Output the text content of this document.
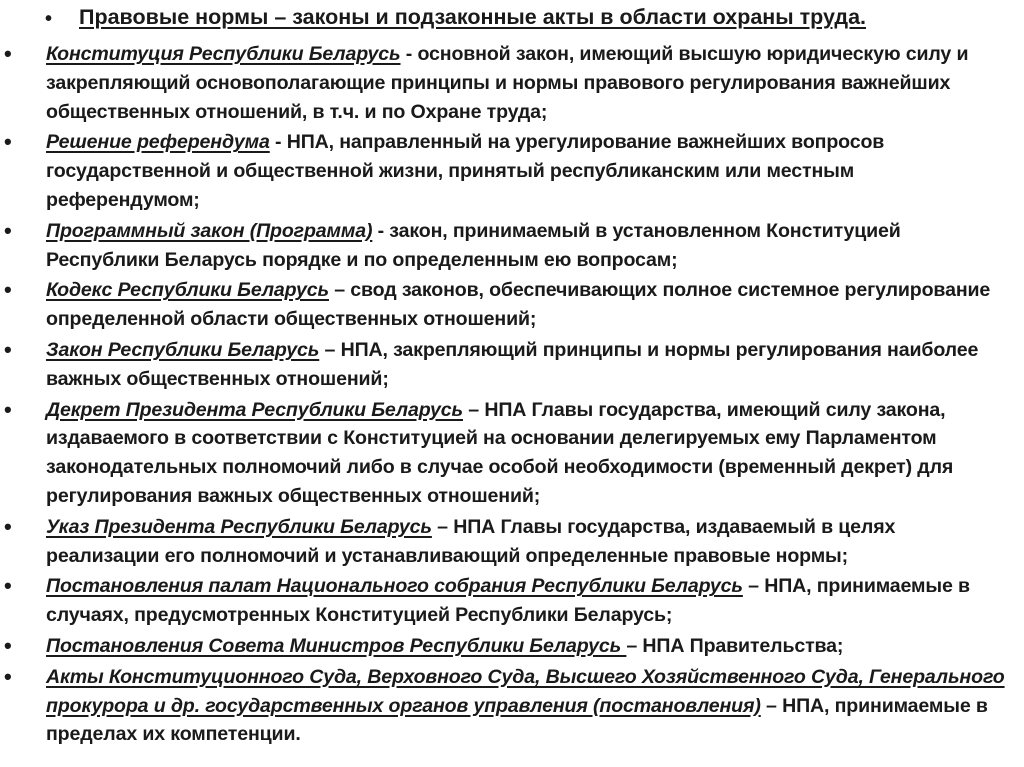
• Правовые нормы – законы и подзаконные акты в области охраны труда.
• Конституция Республики Беларусь - основной закон, имеющий высшую юридическую силу и закрепляющий основополагающие принципы и нормы правового регулирования важнейших общественных отношений, в т.ч. и по Охране труда;
• Решение референдума - НПА, направленный на урегулирование важнейших вопросов государственной и общественной жизни, принятый республиканским или местным референдумом;
• Программный закон (Программа) - закон, принимаемый в установленном Конституцией Республики Беларусь порядке и по определенным ею вопросам;
• Кодекс Республики Беларусь – свод законов, обеспечивающих полное системное регулирование определенной области общественных отношений;
• Закон Республики Беларусь – НПА, закрепляющий принципы и нормы регулирования наиболее важных общественных отношений;
• Декрет Президента Республики Беларусь – НПА Главы государства, имеющий силу закона, издаваемого в соответствии с Конституцией на основании делегируемых ему Парламентом законодательных полномочий либо в случае особой необходимости (временный декрет) для регулирования важных общественных отношений;
• Указ Президента Республики Беларусь – НПА Главы государства, издаваемый в целях реализации его полномочий и устанавливающий определенные правовые нормы;
• Постановления палат Национального собрания Республики Беларусь – НПА, принимаемые в случаях, предусмотренных Конституцией Республики Беларусь;
• Постановления Совета Министров Республики Беларусь – НПА Правительства;
• Акты Конституционного Суда, Верховного Суда, Высшего Хозяйственного Суда, Генерального прокурора и др. государственных органов управления (постановления) – НПА, принимаемые в пределах их компетенции.
